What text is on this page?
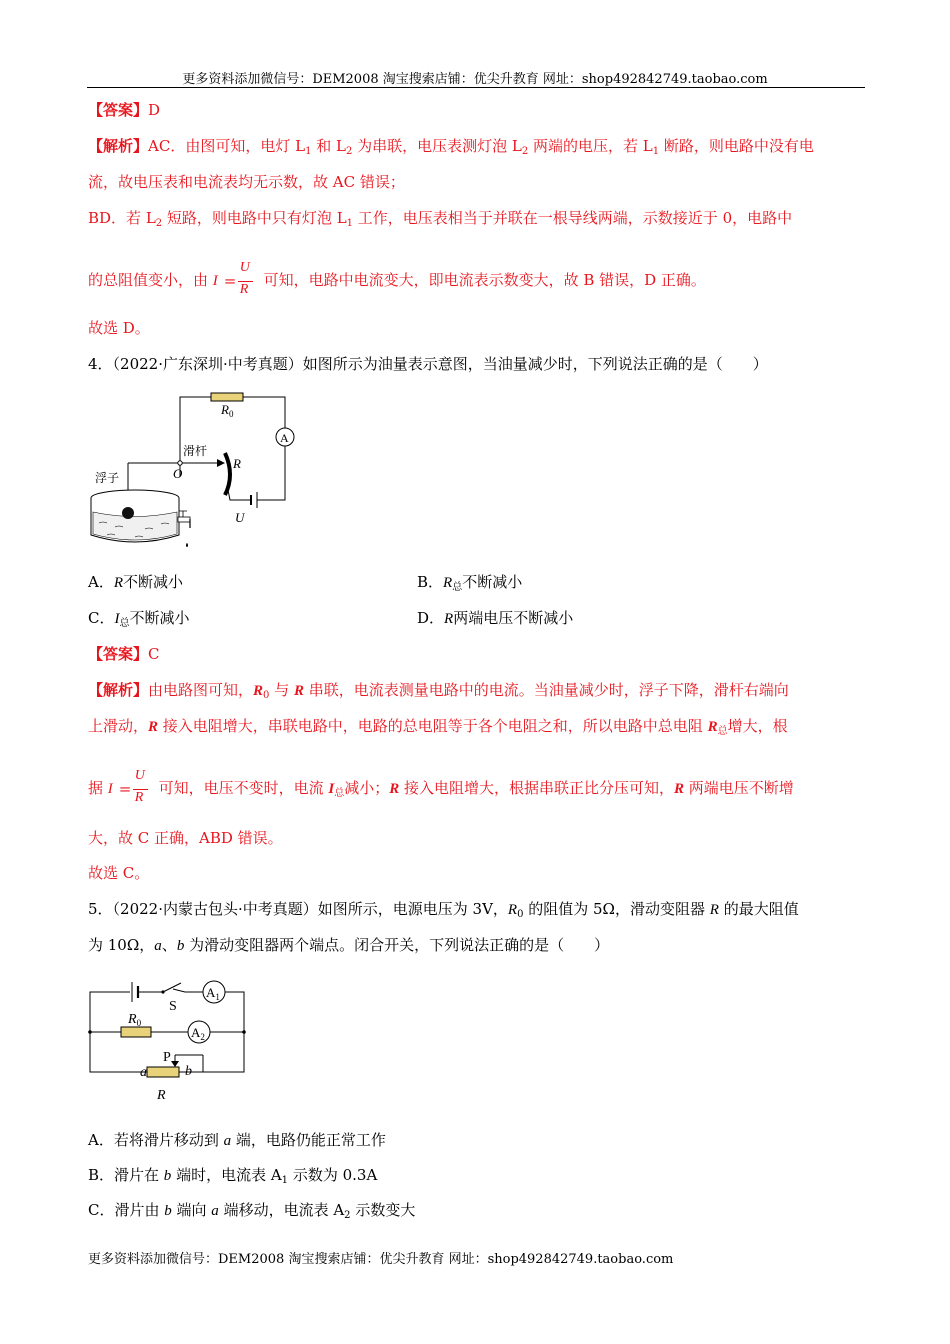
更多资料添加微信号：DEM2008 淘宝搜索店铺：优尖升教育 网址：shop492842749.taobao.com
更多资料添加微信号：DEM2008 淘宝搜索店铺：优尖升教育 网址：shop492842749.taobao.com
【答案】D
【解析】AC．由图可知，电灯 $L_1$ 和 $L_2$ 为串联，电压表测灯泡 $L_2$ 两端的电压，若 $L_1$ 断路，则电路中没有电
流，故电压表和电流表均无示数，故 AC 错误；
BD．若 $L_2$ 短路，则电路中只有灯泡 $L_1$ 工作，电压表相当于并联在一根导线两端，示数接近于 0，电路中
的总阻值变小，由 I =
U
R
可知，电路中电流变大，即电流表示数变大，故 B 错误，D 正确。
故选 D。
4．（2022·广东深圳·中考真题）如图所示为油量表示意图，当油量减少时，下列说法正确的是（　　）
$R_0$
A
U
R
滑杆
O
浮子
A．R不断减小	B．$R_总$不断减小
C．$I_总$不断减小	D．R两端电压不断减小
【答案】C
【解析】由电路图可知，$R_0$ 与 R 串联，电流表测量电路中的电流。当油量减少时，浮子下降，滑杆右端向
上滑动，R 接入电阻增大，串联电路中，电路的总电阻等于各个电阻之和，所以电路中总电阻 $R_总$增大，根
据 I =
U
R
可知，电压不变时，电流 $I_总$减小；R 接入电阻增大，根据串联正比分压可知，R 两端电压不断增
大，故 C 正确，ABD 错误。
故选 C。
5．（2022·内蒙古包头·中考真题）如图所示，电源电压为 3V，$R_0$ 的阻值为 5Ω，滑动变阻器 R 的最大阻值
为 10Ω，a、b 为滑动变阻器两个端点。闭合开关，下列说法正确的是（　　）
S
$A_1$
$R_0$
$A_2$
a
P
b
R
A．若将滑片移动到 a 端，电路仍能正常工作
B．滑片在 b 端时，电流表 $A_1$ 示数为 0.3A
C．滑片由 b 端向 a 端移动，电流表 $A_2$ 示数变大
